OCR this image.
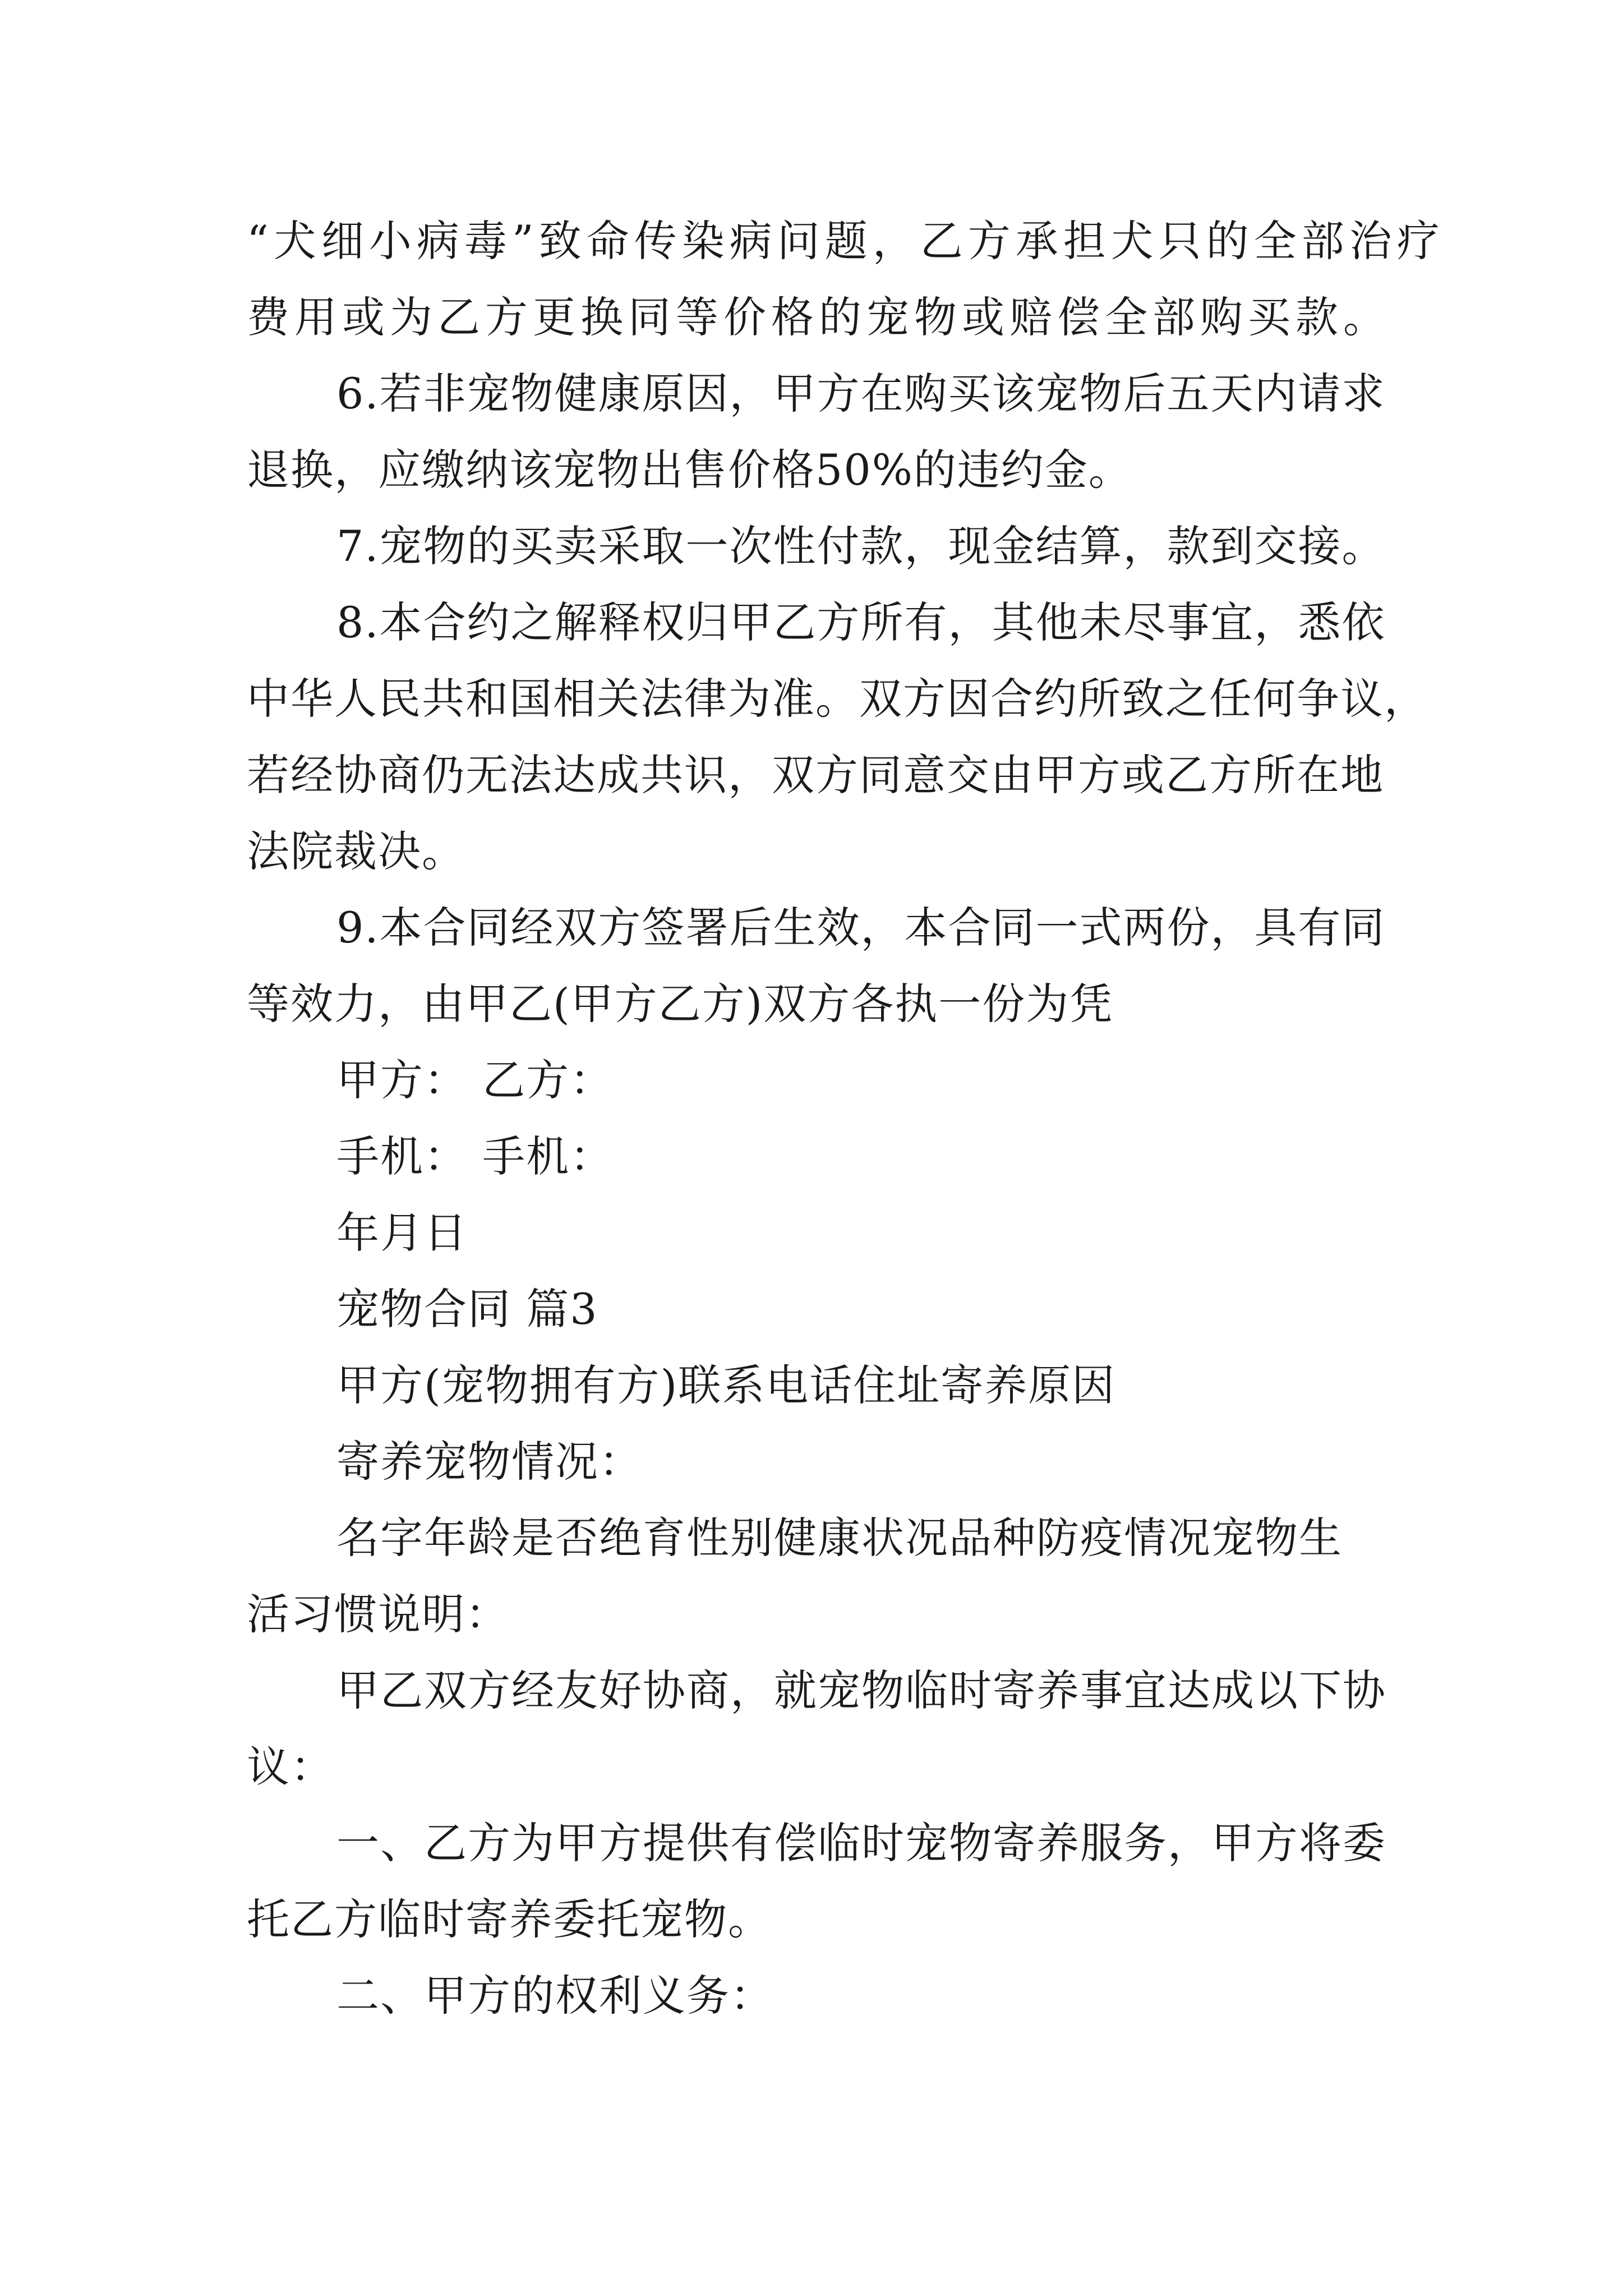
“犬细小病毒”致命传染病问题，乙方承担犬只的全部治疗
费用或为乙方更换同等价格的宠物或赔偿全部购买款。
6.若非宠物健康原因，甲方在购买该宠物后五天内请求
退换，应缴纳该宠物出售价格50%的违约金。
7.宠物的买卖采取一次性付款，现金结算，款到交接。
8.本合约之解释权归甲乙方所有，其他未尽事宜，悉依
中华人民共和国相关法律为准。双方因合约所致之任何争议，
若经协商仍无法达成共识，双方同意交由甲方或乙方所在地
法院裁决。
9.本合同经双方签署后生效，本合同一式两份，具有同
等效力，由甲乙(甲方乙方)双方各执一份为凭
甲方： 乙方：
手机： 手机：
年月日
宠物合同 篇3
甲方(宠物拥有方)联系电话住址寄养原因
寄养宠物情况：
名字年龄是否绝育性别健康状况品种防疫情况宠物生
活习惯说明：
甲乙双方经友好协商，就宠物临时寄养事宜达成以下协
议：
一、乙方为甲方提供有偿临时宠物寄养服务，甲方将委
托乙方临时寄养委托宠物。
二、甲方的权利义务：
